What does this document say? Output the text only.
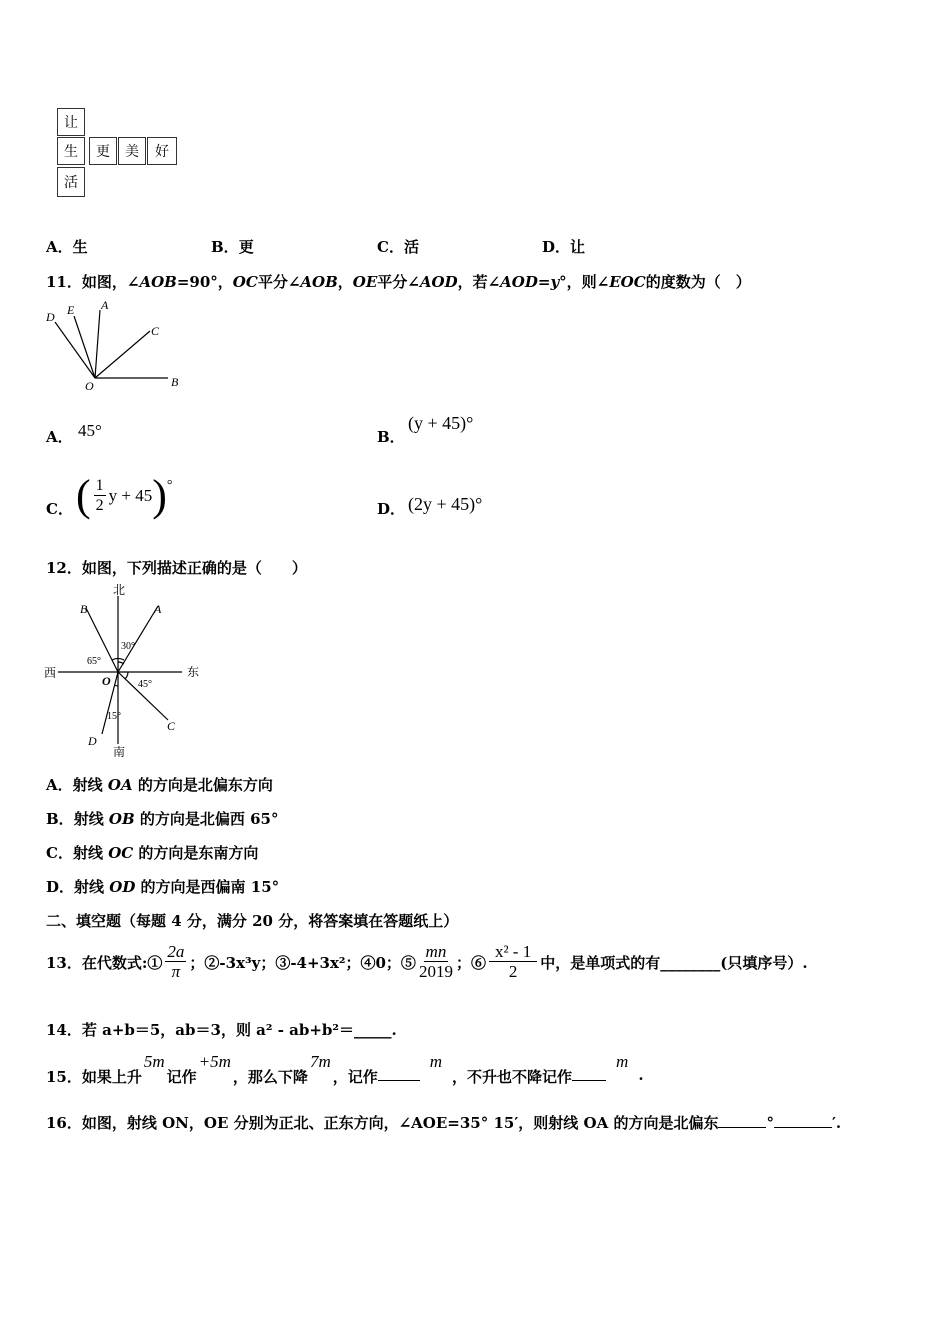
让
生	更	美	好
活
A．生	B．更	C．活	D．让
11．如图，∠AOB=90°，OC平分∠AOB，OE平分∠AOD，若∠AOD=y°，则∠EOC的度数为（　）
D E A
C
O	B
A． 45°	B．
(y + 45)°
C． ( $\frac{1}{2}$ y + 45 ) °
D． (2y + 45)°
12．如图，下列描述正确的是（　　）
北
南
西	东
A
B
C
D
O
30°
65°
45°
15°
A．射线 OA 的方向是北偏东方向
B．射线 OB 的方向是北偏西 65°
C．射线 OC 的方向是东南方向
D．射线 OD 的方向是西偏南 15°
二、填空题（每题 4 分，满分 20 分，将答案填在答题纸上）
13．在代数式:① $\frac{2a}{\pi}$ ；②-3x³y；③-4+3x²；④0；⑤ $\frac{mn}{2019}$ ；⑥ $\frac{\text{x² - 1}}{2}$ 中，是单项式的有________(只填序号）.
14．若 a+b＝5，ab＝3，则 a² - ab+b²＝_____.
15．如果上升
5m
记作
+5m
，那么下降
7m
，记作
m
，不升也不降记作
m
.
16．如图，射线 ON，OE 分别为正北、正东方向，∠AOE=35° 15′，则射线 OA 的方向是北偏东	°	′.
